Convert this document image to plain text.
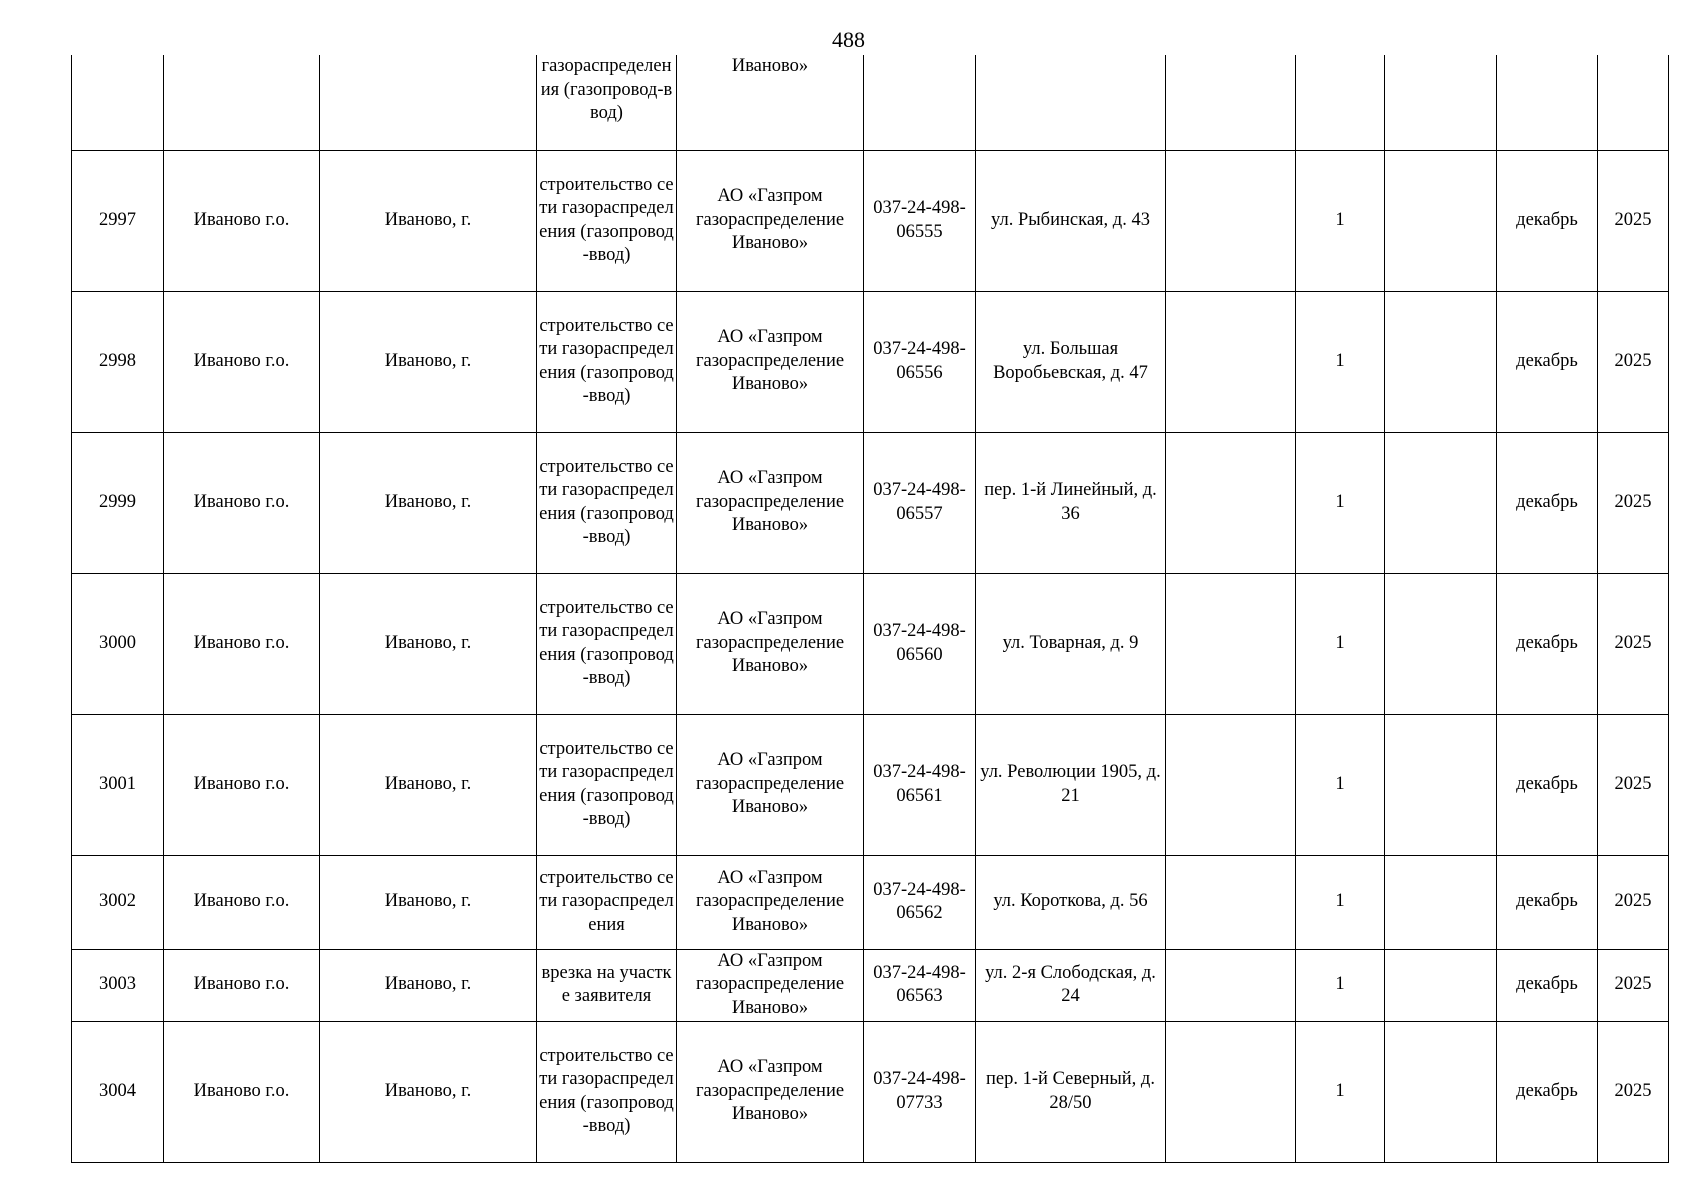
488
			газораспределения (газопровод-ввод)	Иваново»							
2997	Иваново г.о.	Иваново, г.	строительство сети газораспределения (газопровод-ввод)	АО «Газпром газораспределение Иваново»	037-24-498-06555	ул. Рыбинская, д. 43		1		декабрь	2025
2998	Иваново г.о.	Иваново, г.	строительство сети газораспределения (газопровод-ввод)	АО «Газпром газораспределение Иваново»	037-24-498-06556	ул. Большая Воробьевская, д. 47		1		декабрь	2025
2999	Иваново г.о.	Иваново, г.	строительство сети газораспределения (газопровод-ввод)	АО «Газпром газораспределение Иваново»	037-24-498-06557	пер. 1-й Линейный, д. 36		1		декабрь	2025
3000	Иваново г.о.	Иваново, г.	строительство сети газораспределения (газопровод-ввод)	АО «Газпром газораспределение Иваново»	037-24-498-06560	ул. Товарная, д. 9		1		декабрь	2025
3001	Иваново г.о.	Иваново, г.	строительство сети газораспределения (газопровод-ввод)	АО «Газпром газораспределение Иваново»	037-24-498-06561	ул. Революции 1905, д. 21		1		декабрь	2025
3002	Иваново г.о.	Иваново, г.	строительство сети газораспределения	АО «Газпром газораспределение Иваново»	037-24-498-06562	ул. Короткова, д. 56		1		декабрь	2025
3003	Иваново г.о.	Иваново, г.	врезка на участке заявителя	АО «Газпром газораспределение Иваново»	037-24-498-06563	ул. 2-я Слободская, д. 24		1		декабрь	2025
3004	Иваново г.о.	Иваново, г.	строительство сети газораспределения (газопровод-ввод)	АО «Газпром газораспределение Иваново»	037-24-498-07733	пер. 1-й Северный, д. 28/50		1		декабрь	2025
